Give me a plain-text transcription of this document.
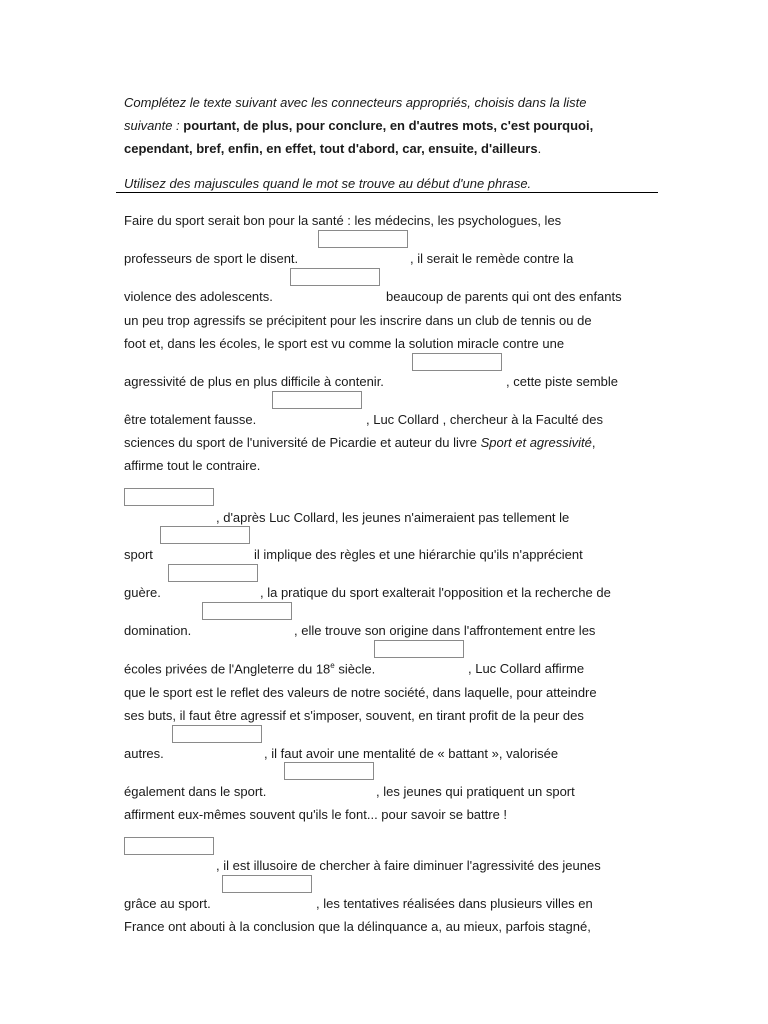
Complétez le texte suivant avec les connecteurs appropriés, choisis dans la liste
suivante : pourtant, de plus, pour conclure, en d'autres mots, c'est pourquoi,
cependant, bref, enfin, en effet, tout d'abord, car, ensuite, d'ailleurs.
Utilisez des majuscules quand le mot se trouve au début d'une phrase.
Faire du sport serait bon pour la santé : les médecins, les psychologues, les
professeurs de sport le disent.	, il serait le remède contre la
violence des adolescents.	beaucoup de parents qui ont des enfants
un peu trop agressifs se précipitent pour les inscrire dans un club de tennis ou de
foot et, dans les écoles, le sport est vu comme la solution miracle contre une
agressivité de plus en plus difficile à contenir.	, cette piste semble
être totalement fausse.	, Luc Collard , chercheur à la Faculté des
sciences du sport de l'université de Picardie et auteur du livre Sport et agressivité,
affirme tout le contraire.
, d'après Luc Collard, les jeunes n'aimeraient pas tellement le
sport	il implique des règles et une hiérarchie qu'ils n'apprécient
guère.	, la pratique du sport exalterait l'opposition et la recherche de
domination.	, elle trouve son origine dans l'affrontement entre les
écoles privées de l'Angleterre du 18e siècle.	, Luc Collard affirme
que le sport est le reflet des valeurs de notre société, dans laquelle, pour atteindre
ses buts, il faut être agressif et s'imposer, souvent, en tirant profit de la peur des
autres.	, il faut avoir une mentalité de « battant », valorisée
également dans le sport.	, les jeunes qui pratiquent un sport
affirment eux-mêmes souvent qu'ils le font... pour savoir se battre !
, il est illusoire de chercher à faire diminuer l'agressivité des jeunes
grâce au sport.	, les tentatives réalisées dans plusieurs villes en
France ont abouti à la conclusion que la délinquance a, au mieux, parfois stagné,
